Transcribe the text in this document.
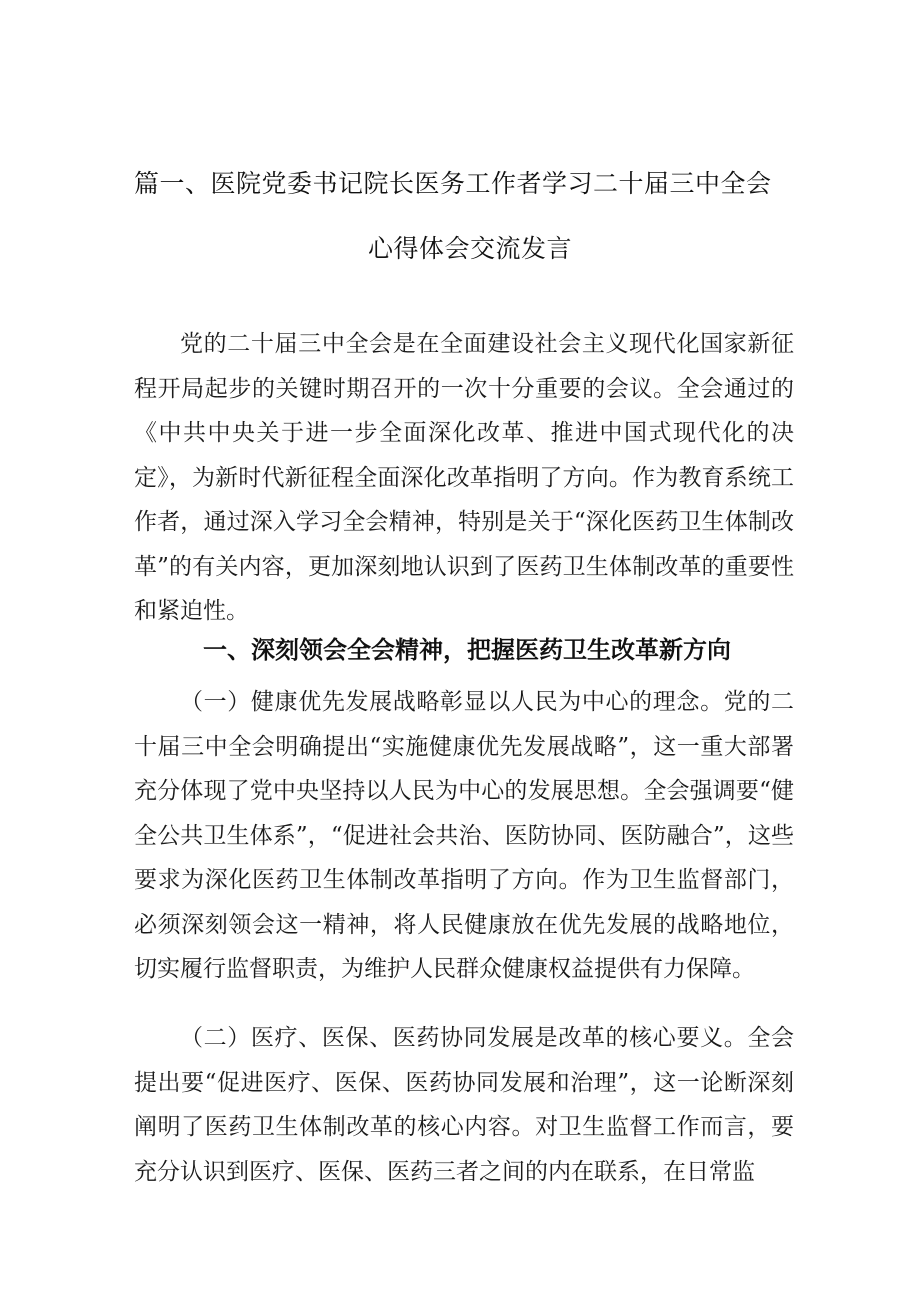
篇一、医院党委书记院长医务工作者学习二十届三中全会
心得体会交流发言

党的二十届三中全会是在全面建设社会主义现代化国家新征程开局起步的关键时期召开的一次十分重要的会议。全会通过的《中共中央关于进一步全面深化改革、推进中国式现代化的决定》，为新时代新征程全面深化改革指明了方向。作为教育系统工作者，通过深入学习全会精神，特别是关于“深化医药卫生体制改革”的有关内容，更加深刻地认识到了医药卫生体制改革的重要性和紧迫性。

一、深刻领会全会精神，把握医药卫生改革新方向

（一）健康优先发展战略彰显以人民为中心的理念。党的二十届三中全会明确提出“实施健康优先发展战略”，这一重大部署充分体现了党中央坚持以人民为中心的发展思想。全会强调要“健全公共卫生体系”，“促进社会共治、医防协同、医防融合”，这些要求为深化医药卫生体制改革指明了方向。作为卫生监督部门，必须深刻领会这一精神，将人民健康放在优先发展的战略地位，切实履行监督职责，为维护人民群众健康权益提供有力保障。

（二）医疗、医保、医药协同发展是改革的核心要义。全会提出要“促进医疗、医保、医药协同发展和治理”，这一论断深刻阐明了医药卫生体制改革的核心内容。对卫生监督工作而言，要充分认识到医疗、医保、医药三者之间的内在联系，在日常监
